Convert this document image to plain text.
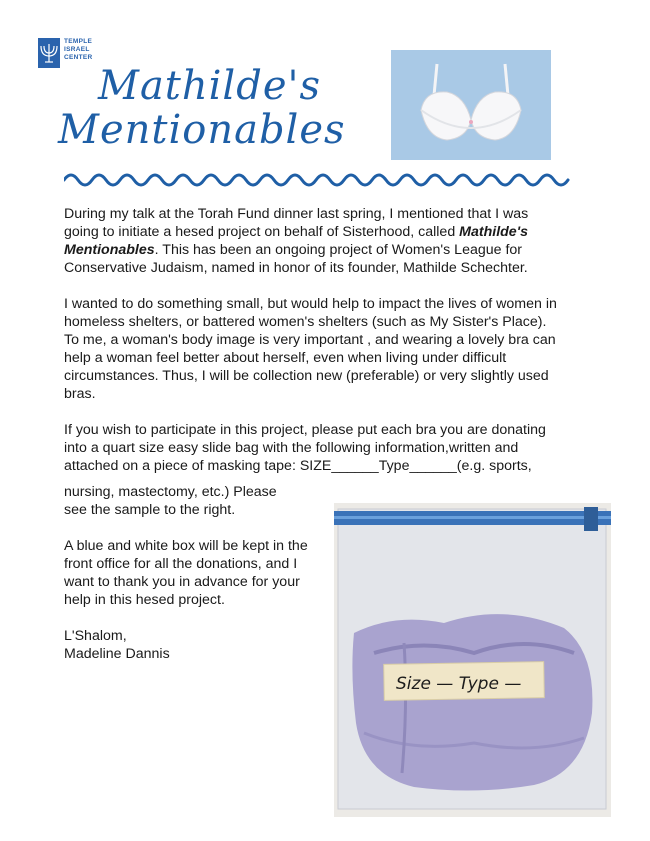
TEMPLE
ISRAEL
CENTER
Mathilde's
Mentionables

During my talk at the Torah Fund dinner last spring, I mentioned that I was going to initiate a hesed project on behalf of Sisterhood, called Mathilde's Mentionables. This has been an ongoing project of Women's League for Conservative Judaism, named in honor of its founder, Mathilde Schechter.

I wanted to do something small, but would help to impact the lives of women in homeless shelters, or battered women's shelters (such as My Sister's Place). To me, a woman's body image is very important , and wearing a lovely bra can help a woman feel better about herself, even when living under difficult circumstances. Thus, I will be collection new (preferable) or very slightly used bras.

If you wish to participate in this project, please put each bra you are donating into a quart size easy slide bag with the following information,written and attached on a piece of masking tape: SIZE______Type______(e.g. sports,

nursing, mastectomy, etc.) Please

see the sample to the right.

A blue and white box will be kept in the front office for all the donations, and I want to thank you in advance for your help in this hesed project.

L'Shalom,
Madeline Dannis
Size — Type —
